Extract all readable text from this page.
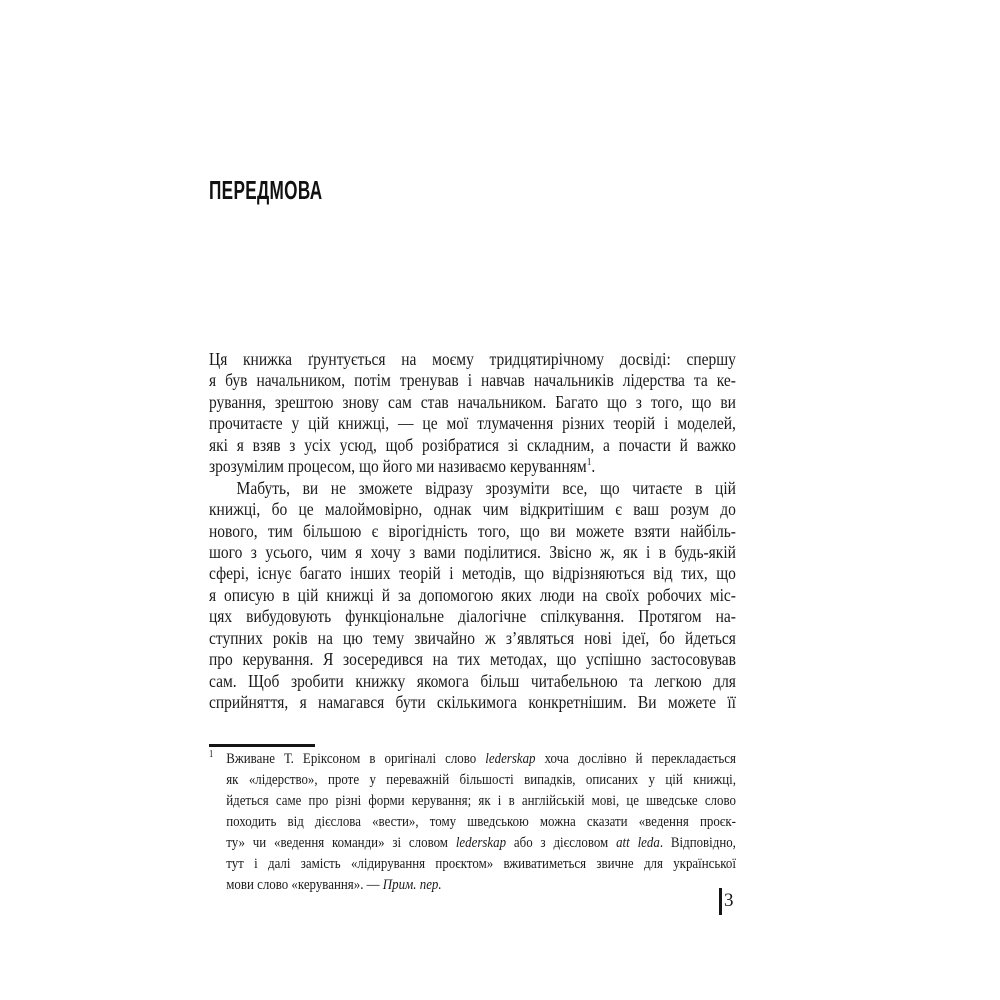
ПЕРЕДМОВА
Ця книжка ґрунтується на моєму тридцятирічному досвіді: спершу
я був начальником, потім тренував і навчав начальників лідерства та ке-
рування, зрештою знову сам став начальником. Багато що з того, що ви
прочитаєте у цій книжці, — це мої тлумачення різних теорій і моделей,
які я взяв з усіх усюд, щоб розібратися зі складним, а почасти й важко
зрозумілим процесом, що його ми називаємо керуванням$^1$.
Мабуть, ви не зможете відразу зрозуміти все, що читаєте в цій
книжці, бо це малоймовірно, однак чим відкритішим є ваш розум до
нового, тим більшою є вірогідність того, що ви можете взяти найбіль-
шого з усього, чим я хочу з вами поділитися. Звісно ж, як і в будь-якій
сфері, існує багато інших теорій і методів, що відрізняються від тих, що
я описую в цій книжці й за допомогою яких люди на своїх робочих міс-
цях вибудовують функціональне діалогічне спілкування. Протягом на-
ступних років на цю тему звичайно ж з’являться нові ідеї, бо йдеться
про керування. Я зосередився на тих методах, що успішно застосовував
сам. Щоб зробити книжку якомога більш читабельною та легкою для
сприйняття, я намагався бути скількимога конкретнішим. Ви можете її
$^1$ Вживане Т. Еріксоном в оригіналі слово lederskap хоча дослівно й перекладається
як «лідерство», проте у переважній більшості випадків, описаних у цій книжці,
йдеться саме про різні форми керування; як і в англійській мові, це шведське слово
походить від дієслова «вести», тому шведською можна сказати «ведення проєк-
ту» чи «ведення команди» зі словом lederskap або з дієсловом att leda. Відповідно,
тут і далі замість «лідирування проєктом» вживатиметься звичне для української
мови слово «керування». — Прим. пер.
3
